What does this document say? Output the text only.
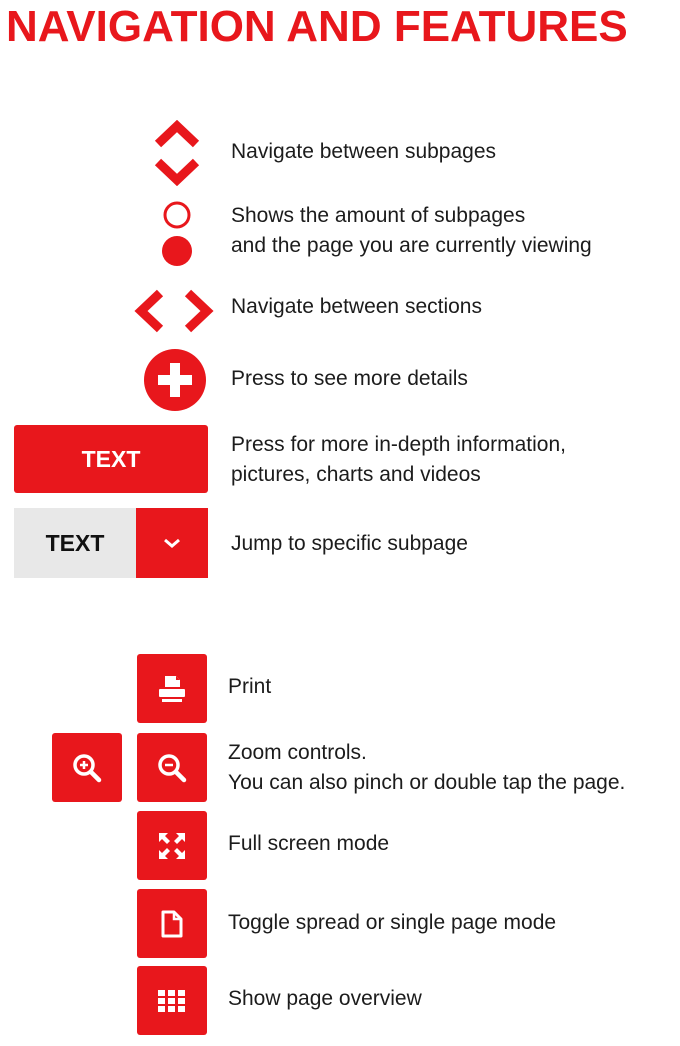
NAVIGATION AND FEATURES
Navigate between subpages
Shows the amount of subpages
and the page you are currently viewing
Navigate between sections
Press to see more details
TEXT
Press for more in-depth information,
pictures, charts and videos
TEXT	Jump to specific subpage
Print
Zoom controls.
You can also pinch or double tap the page.
Full screen mode
Toggle spread or single page mode
Show page overview
